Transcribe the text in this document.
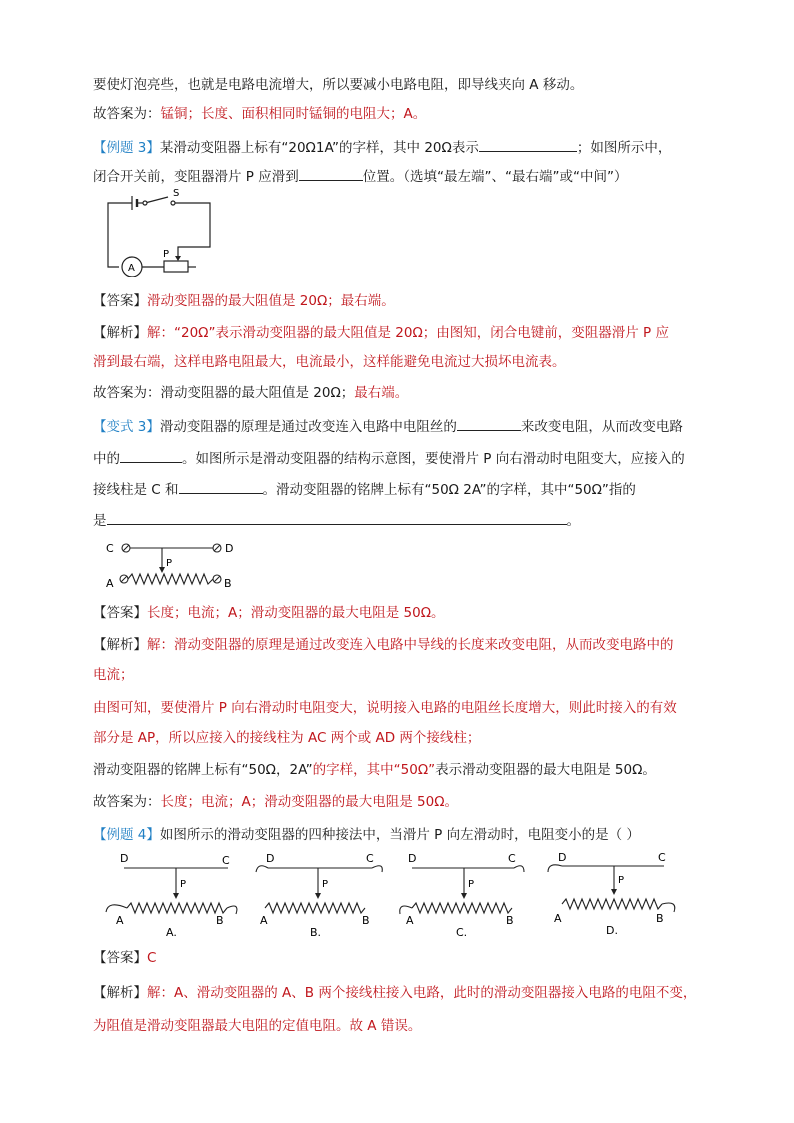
要使灯泡亮些，也就是电路电流增大，所以要减小电路电阻，即导线夹向 A 移动。
故答案为：锰铜；长度、面积相同时锰铜的电阻大；A。
【例题 3】某滑动变阻器上标有“20Ω1A”的字样，其中 20Ω表示	；如图所示中，
闭合开关前，变阻器滑片 P 应滑到	位置。（选填“最左端”、“最右端”或“中间”）
S
P
A
【答案】滑动变阻器的最大阻值是 20Ω；最右端。
【解析】解：“20Ω”表示滑动变阻器的最大阻值是 20Ω；由图知，闭合电键前，变阻器滑片 P 应
滑到最右端，这样电路电阻最大，电流最小，这样能避免电流过大损坏电流表。
故答案为：滑动变阻器的最大阻值是 20Ω；最右端。
【变式 3】滑动变阻器的原理是通过改变连入电路中电阻丝的	来改变电阻，从而改变电路
中的	。如图所示是滑动变阻器的结构示意图，要使滑片 P 向右滑动时电阻变大，应接入的
接线柱是 C 和	。滑动变阻器的铭牌上标有“50Ω 2A”的字样，其中“50Ω”指的
是	。
C	D
P
A	B
【答案】长度；电流；A；滑动变阻器的最大电阻是 50Ω。
【解析】解：滑动变阻器的原理是通过改变连入电路中导线的长度来改变电阻，从而改变电路中的
电流；
由图可知，要使滑片 P 向右滑动时电阻变大，说明接入电路的电阻丝长度增大，则此时接入的有效
部分是 AP，所以应接入的接线柱为 AC 两个或 AD 两个接线柱；
滑动变阻器的铭牌上标有“50Ω，2A”的字样，其中“50Ω”表示滑动变阻器的最大电阻是 50Ω。
故答案为：长度；电流；A；滑动变阻器的最大电阻是 50Ω。
【例题 4】如图所示的滑动变阻器的四种接法中，当滑片 P 向左滑动时，电阻变小的是（ ）
D	C
P
A	B
A.
D	C
P
A	B
B.
D	C
P
A	B
C.
D	C
P
A	B
D.
【答案】C
【解析】解：A、滑动变阻器的 A、B 两个接线柱接入电路，此时的滑动变阻器接入电路的电阻不变，
为阻值是滑动变阻器最大电阻的定值电阻。故 A 错误。
